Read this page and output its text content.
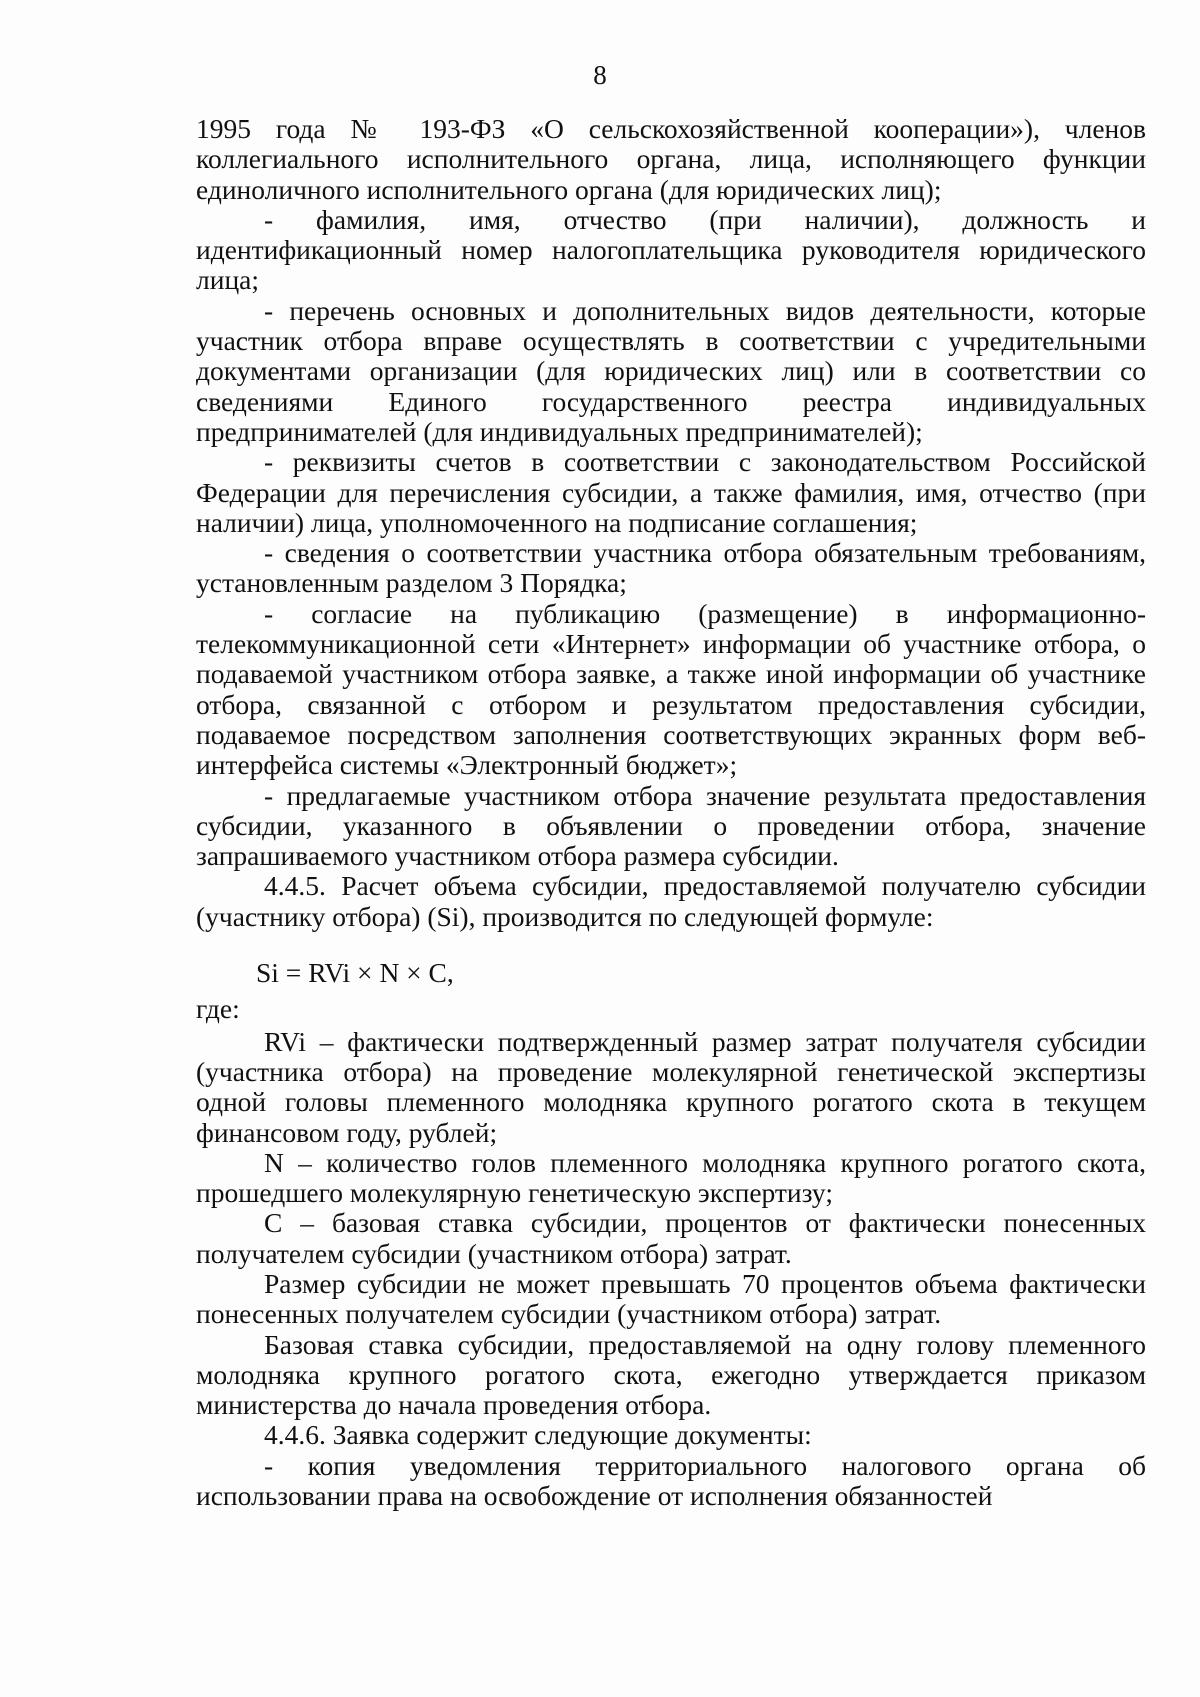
8

1995 года № 193-ФЗ «О сельскохозяйственной кооперации»), членов коллегиального исполнительного органа, лица, исполняющего функции единоличного исполнительного органа (для юридических лиц);

- фамилия, имя, отчество (при наличии), должность и идентификационный номер налогоплательщика руководителя юридического лица;

- перечень основных и дополнительных видов деятельности, которые участник отбора вправе осуществлять в соответствии с учредительными документами организации (для юридических лиц) или в соответствии со сведениями Единого государственного реестра индивидуальных предпринимателей (для индивидуальных предпринимателей);

- реквизиты счетов в соответствии с законодательством Российской Федерации для перечисления субсидии, а также фамилия, имя, отчество (при наличии) лица, уполномоченного на подписание соглашения;

- сведения о соответствии участника отбора обязательным требованиям, установленным разделом 3 Порядка;

- согласие на публикацию (размещение) в информационно-телекоммуникационной сети «Интернет» информации об участнике отбора, о подаваемой участником отбора заявке, а также иной информации об участнике отбора, связанной с отбором и результатом предоставления субсидии, подаваемое посредством заполнения соответствующих экранных форм веб-интерфейса системы «Электронный бюджет»;

- предлагаемые участником отбора значение результата предоставления субсидии, указанного в объявлении о проведении отбора, значение запрашиваемого участником отбора размера субсидии.

4.4.5. Расчет объема субсидии, предоставляемой получателю субсидии (участнику отбора) (Si), производится по следующей формуле:

Si = RVi × N × C,

где:

RVi – фактически подтвержденный размер затрат получателя субсидии (участника отбора) на проведение молекулярной генетической экспертизы одной головы племенного молодняка крупного рогатого скота в текущем финансовом году, рублей;

N – количество голов племенного молодняка крупного рогатого скота, прошедшего молекулярную генетическую экспертизу;

C – базовая ставка субсидии, процентов от фактически понесенных получателем субсидии (участником отбора) затрат.

Размер субсидии не может превышать 70 процентов объема фактически понесенных получателем субсидии (участником отбора) затрат.

Базовая ставка субсидии, предоставляемой на одну голову племенного молодняка крупного рогатого скота, ежегодно утверждается приказом министерства до начала проведения отбора.

4.4.6. Заявка содержит следующие документы:

- копия уведомления территориального налогового органа об использовании права на освобождение от исполнения обязанностей
